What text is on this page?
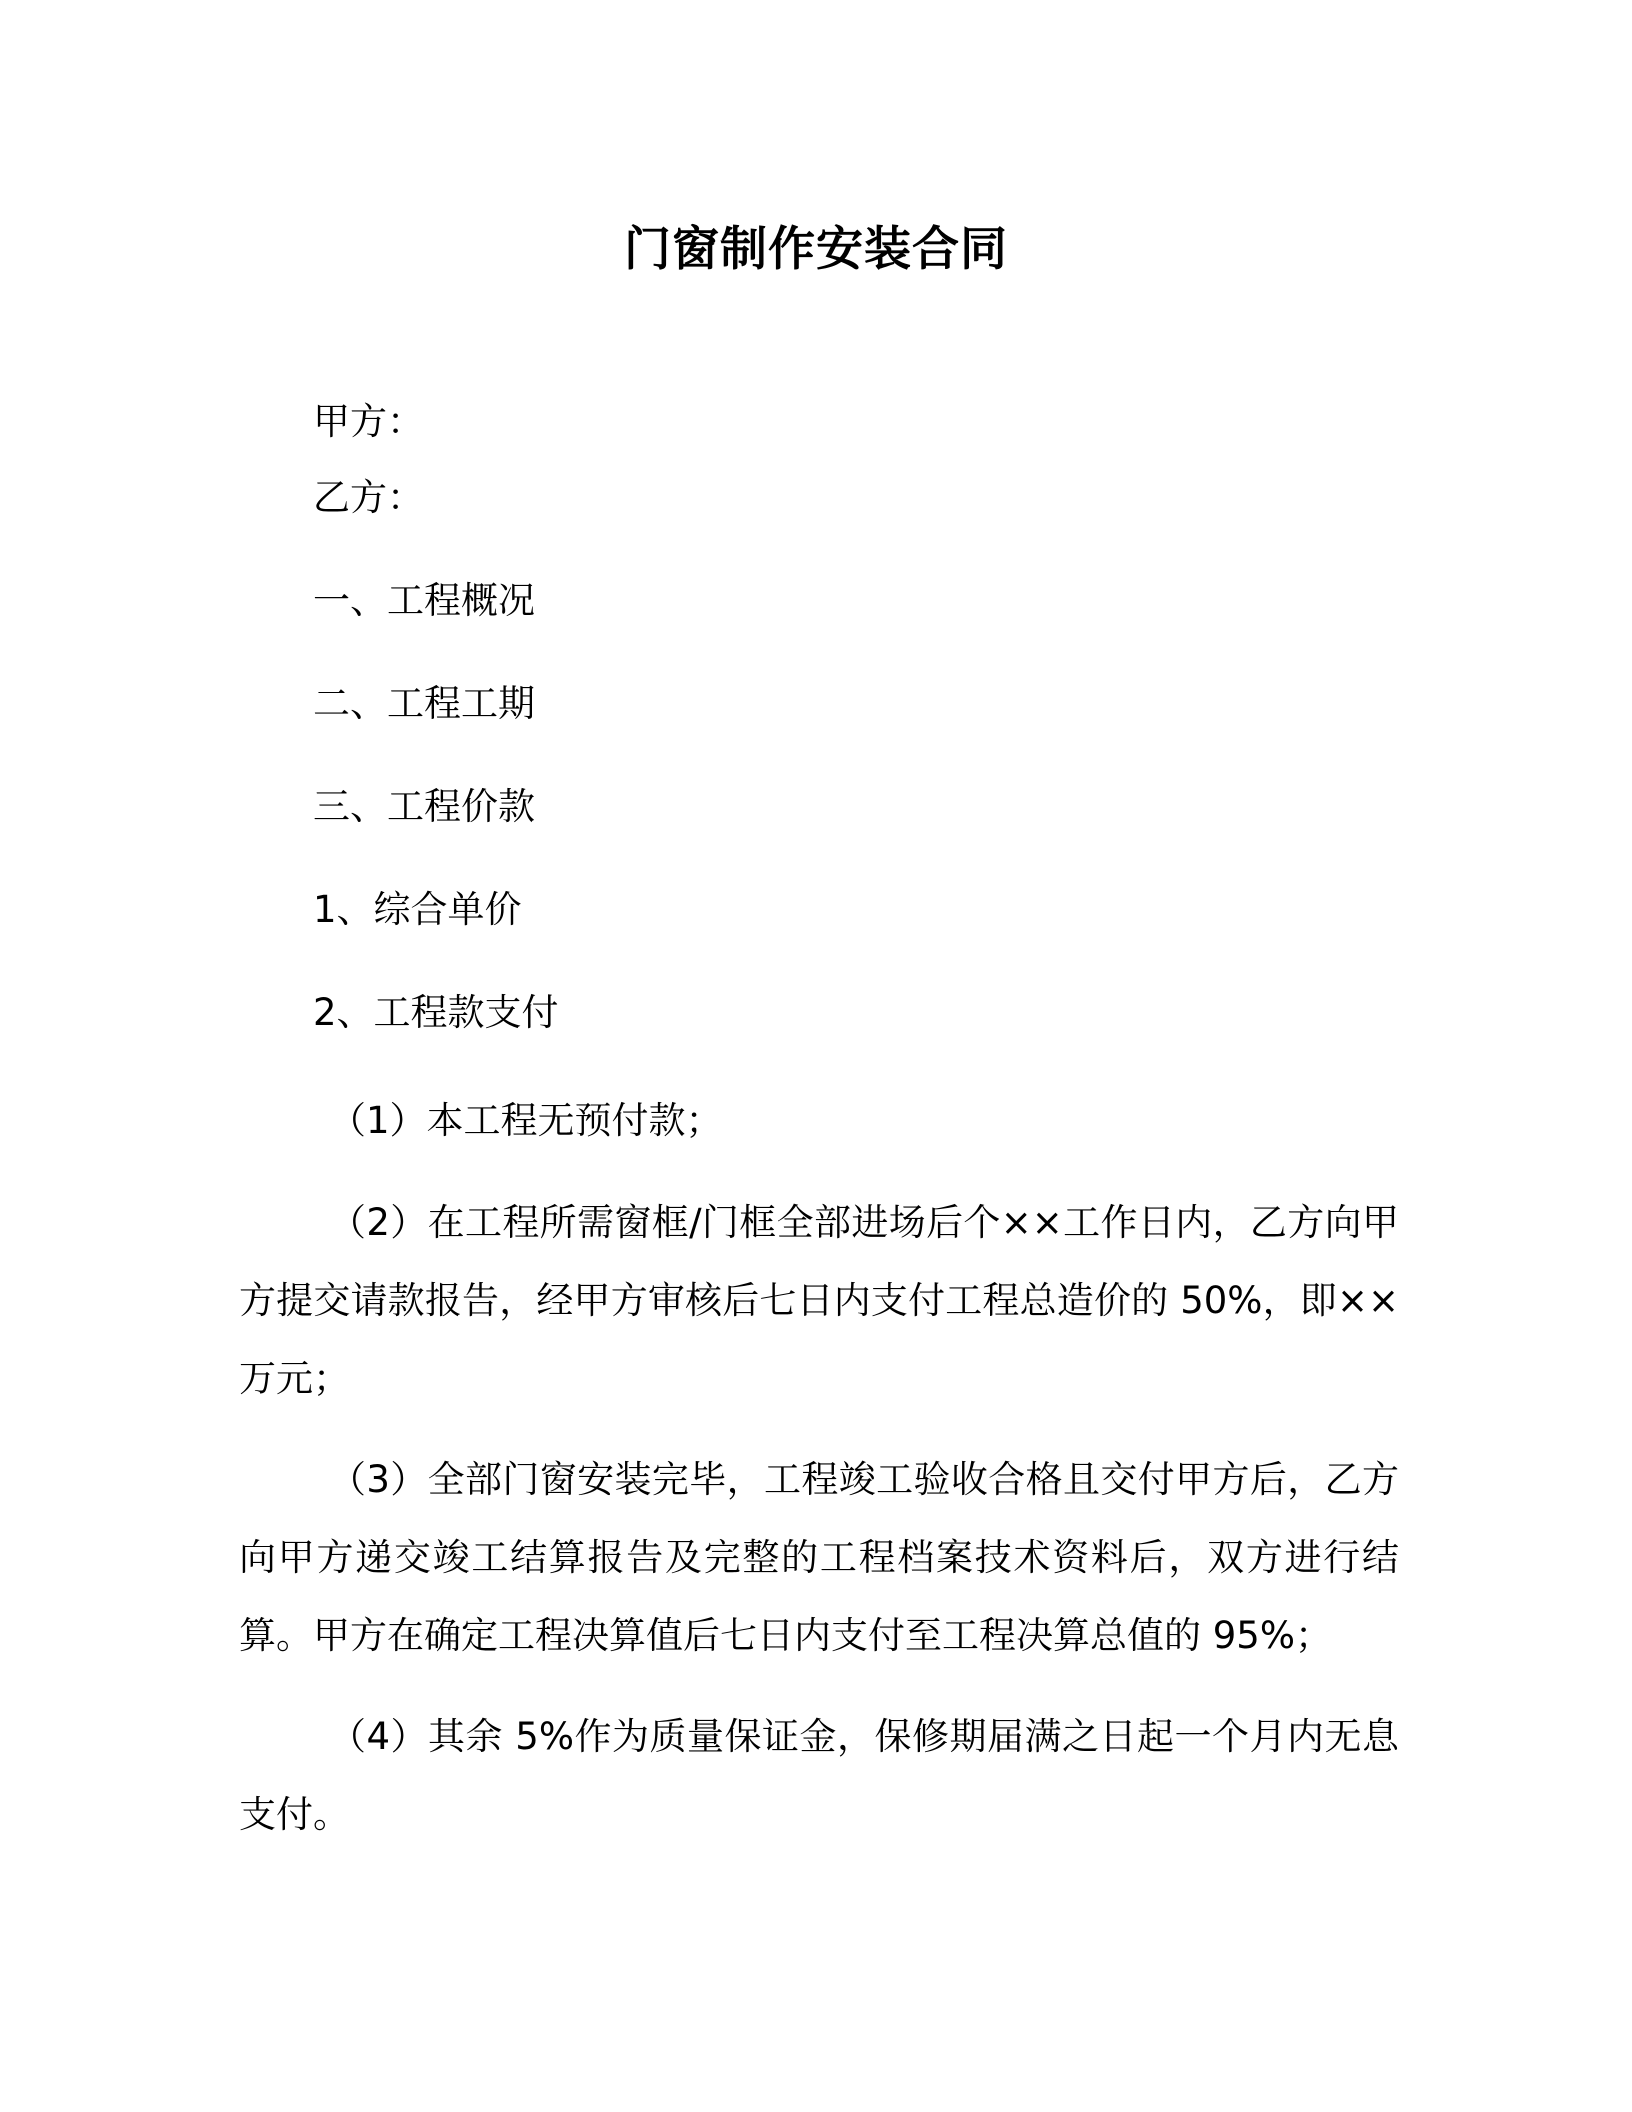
门窗制作安装合同
甲方：
乙方：
一、工程概况
二、工程工期
三、工程价款
1、综合单价
2、工程款支付
（1）本工程无预付款；
（2）在工程所需窗框/门框全部进场后个××工作日内，乙方向甲方提交请款报告，经甲方审核后七日内支付工程总造价的 50%，即××万元；
（3）全部门窗安装完毕，工程竣工验收合格且交付甲方后，乙方向甲方递交竣工结算报告及完整的工程档案技术资料后，双方进行结算。甲方在确定工程决算值后七日内支付至工程决算总值的 95%；
（4）其余 5%作为质量保证金，保修期届满之日起一个月内无息支付。
